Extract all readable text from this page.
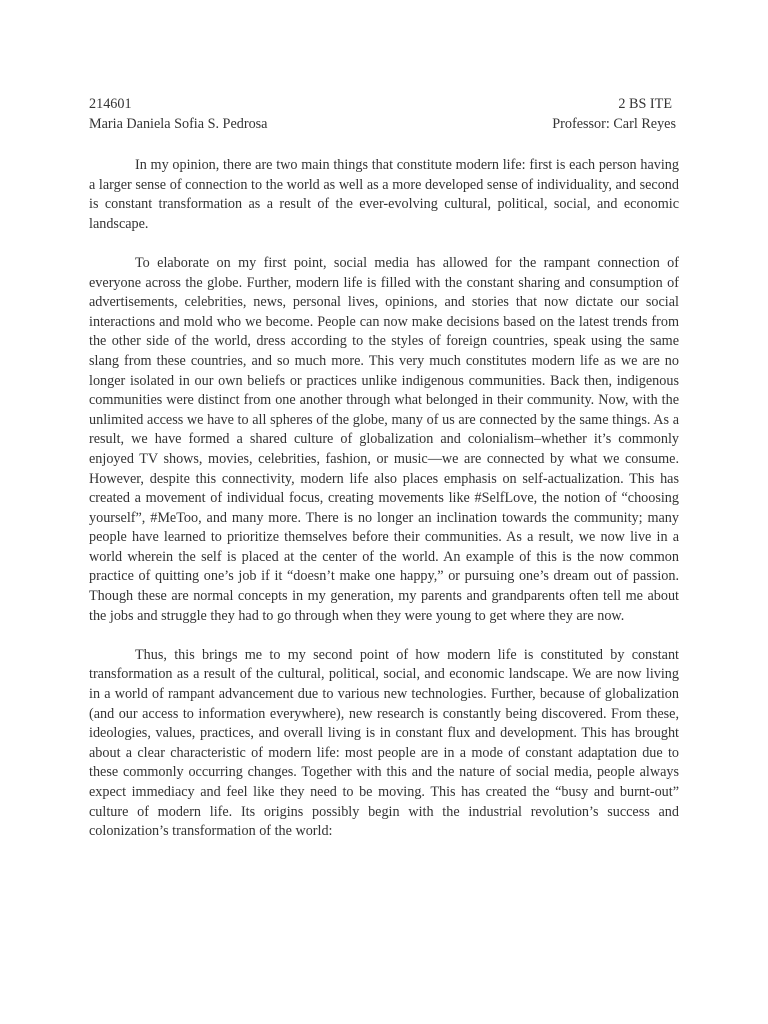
214601	2 BS ITE
Maria Daniela Sofia S. Pedrosa	Professor: Carl Reyes

In my opinion, there are two main things that constitute modern life: first is each person having a larger sense of connection to the world as well as a more developed sense of individuality, and second is constant transformation as a result of the ever-evolving cultural, political, social, and economic landscape.

To elaborate on my first point, social media has allowed for the rampant connection of everyone across the globe. Further, modern life is filled with the constant sharing and consumption of advertisements, celebrities, news, personal lives, opinions, and stories that now dictate our social interactions and mold who we become. People can now make decisions based on the latest trends from the other side of the world, dress according to the styles of foreign countries, speak using the same slang from these countries, and so much more. This very much constitutes modern life as we are no longer isolated in our own beliefs or practices unlike indigenous communities. Back then, indigenous communities were distinct from one another through what belonged in their community. Now, with the unlimited access we have to all spheres of the globe, many of us are connected by the same things. As a result, we have formed a shared culture of globalization and colonialism–whether it’s commonly enjoyed TV shows, movies, celebrities, fashion, or music—we are connected by what we consume. However, despite this connectivity, modern life also places emphasis on self-actualization. This has created a movement of individual focus, creating movements like #SelfLove, the notion of “choosing yourself”, #MeToo, and many more. There is no longer an inclination towards the community; many people have learned to prioritize themselves before their communities. As a result, we now live in a world wherein the self is placed at the center of the world. An example of this is the now common practice of quitting one’s job if it “doesn’t make one happy,” or pursuing one’s dream out of passion. Though these are normal concepts in my generation, my parents and grandparents often tell me about the jobs and struggle they had to go through when they were young to get where they are now.

Thus, this brings me to my second point of how modern life is constituted by constant transformation as a result of the cultural, political, social, and economic landscape. We are now living in a world of rampant advancement due to various new technologies. Further, because of globalization (and our access to information everywhere), new research is constantly being discovered. From these, ideologies, values, practices, and overall living is in constant flux and development. This has brought about a clear characteristic of modern life: most people are in a mode of constant adaptation due to these commonly occurring changes. Together with this and the nature of social media, people always expect immediacy and feel like they need to be moving. This has created the “busy and burnt-out” culture of modern life. Its origins possibly begin with the industrial revolution’s success and colonization’s transformation of the world:
